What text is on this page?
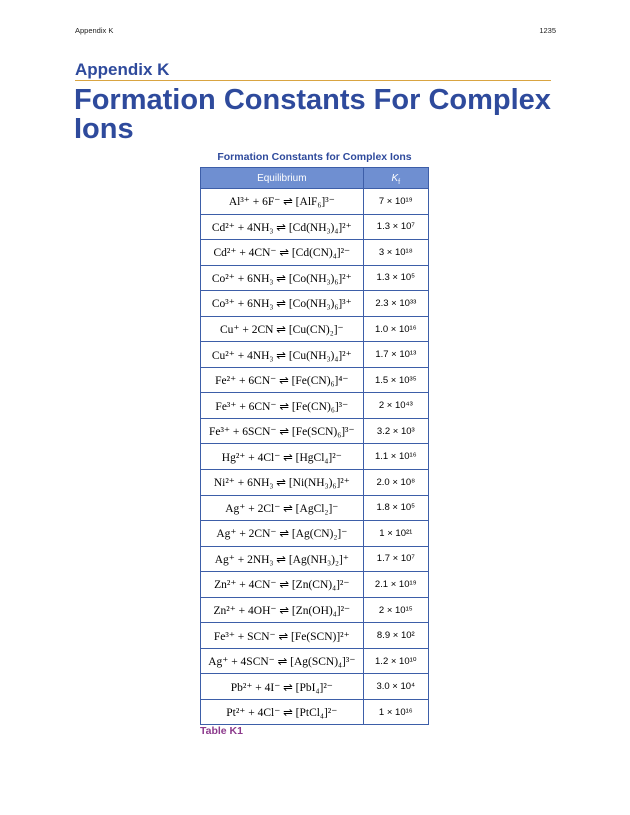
Appendix K	1235
Appendix K
Formation Constants For Complex Ions
Formation Constants for Complex Ions
Equilibrium	$K_f$
Al³⁺ + 6F⁻ ⇌ [AlF₆]³⁻	7 × 10¹⁹
Cd²⁺ + 4NH₃ ⇌ [Cd(NH₃)₄]²⁺	1.3 × 10⁷
Cd²⁺ + 4CN⁻ ⇌ [Cd(CN)₄]²⁻	3 × 10¹⁸
Co²⁺ + 6NH₃ ⇌ [Co(NH₃)₆]²⁺	1.3 × 10⁵
Co³⁺ + 6NH₃ ⇌ [Co(NH₃)₆]³⁺	2.3 × 10³³
Cu⁺ + 2CN ⇌ [Cu(CN)₂]⁻	1.0 × 10¹⁶
Cu²⁺ + 4NH₃ ⇌ [Cu(NH₃)₄]²⁺	1.7 × 10¹³
Fe²⁺ + 6CN⁻ ⇌ [Fe(CN)₆]⁴⁻	1.5 × 10³⁵
Fe³⁺ + 6CN⁻ ⇌ [Fe(CN)₆]³⁻	2 × 10⁴³
Fe³⁺ + 6SCN⁻ ⇌ [Fe(SCN)₆]³⁻	3.2 × 10³
Hg²⁺ + 4Cl⁻ ⇌ [HgCl₄]²⁻	1.1 × 10¹⁶
Ni²⁺ + 6NH₃ ⇌ [Ni(NH₃)₆]²⁺	2.0 × 10⁸
Ag⁺ + 2Cl⁻ ⇌ [AgCl₂]⁻	1.8 × 10⁵
Ag⁺ + 2CN⁻ ⇌ [Ag(CN)₂]⁻	1 × 10²¹
Ag⁺ + 2NH₃ ⇌ [Ag(NH₃)₂]⁺	1.7 × 10⁷
Zn²⁺ + 4CN⁻ ⇌ [Zn(CN)₄]²⁻	2.1 × 10¹⁹
Zn²⁺ + 4OH⁻ ⇌ [Zn(OH)₄]²⁻	2 × 10¹⁵
Fe³⁺ + SCN⁻ ⇌ [Fe(SCN)]²⁺	8.9 × 10²
Ag⁺ + 4SCN⁻ ⇌ [Ag(SCN)₄]³⁻	1.2 × 10¹⁰
Pb²⁺ + 4I⁻ ⇌ [PbI₄]²⁻	3.0 × 10⁴
Pt²⁺ + 4Cl⁻ ⇌ [PtCl₄]²⁻	1 × 10¹⁶
Table K1
